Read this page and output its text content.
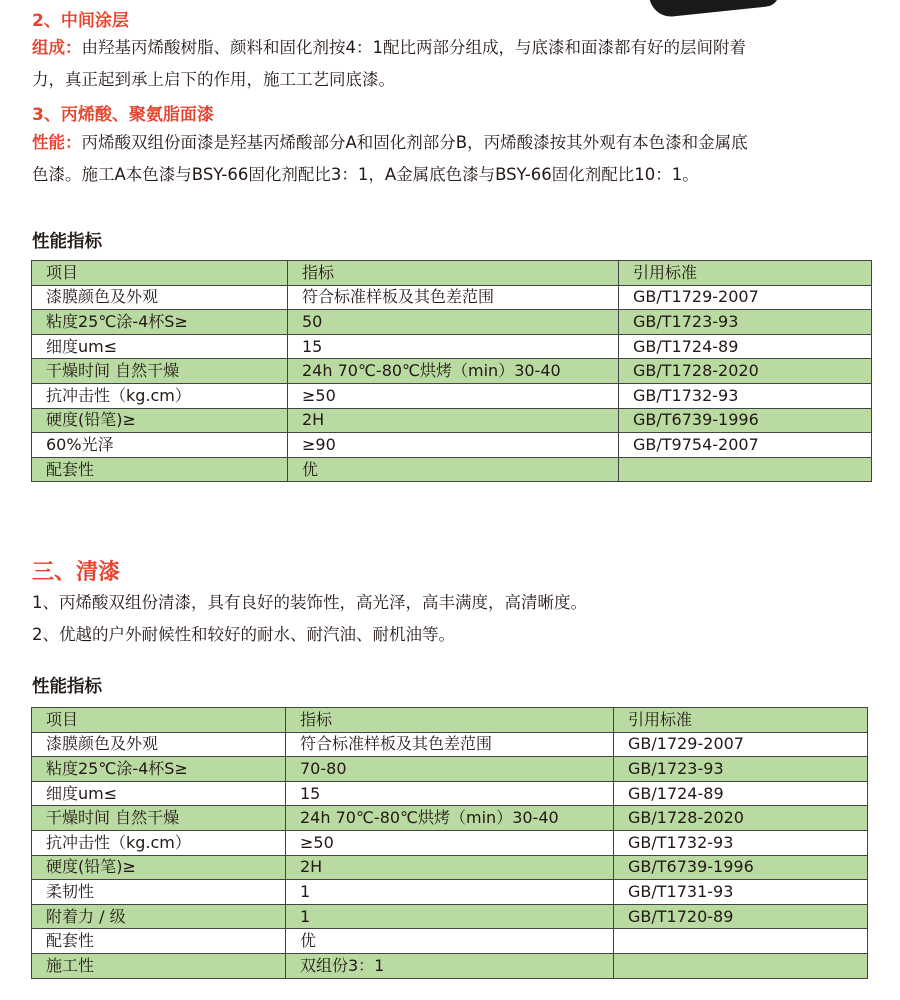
2、中间涂层
组成：由羟基丙烯酸树脂、颜料和固化剂按4：1配比两部分组成，与底漆和面漆都有好的层间附着
力，真正起到承上启下的作用，施工工艺同底漆。
3、丙烯酸、聚氨脂面漆
性能：丙烯酸双组份面漆是羟基丙烯酸部分A和固化剂部分B，丙烯酸漆按其外观有本色漆和金属底
色漆。施工A本色漆与BSY-66固化剂配比3：1，A金属底色漆与BSY-66固化剂配比10：1。
性能指标
项目	指标	引用标准
漆膜颜色及外观	符合标准样板及其色差范围	GB/T1729-2007
粘度25℃涂-4杯S≥	50	GB/T1723-93
细度um≤	15	GB/T1724-89
干燥时间 自然干燥	24h 70℃-80℃烘烤（min）30-40	GB/T1728-2020
抗冲击性（kg.cm）	≥50	GB/T1732-93
硬度(铅笔)≥	2H	GB/T6739-1996
60%光泽	≥90	GB/T9754-2007
配套性	优	
三、清漆
1、丙烯酸双组份清漆，具有良好的装饰性，高光泽，高丰满度，高清晰度。
2、优越的户外耐候性和较好的耐水、耐汽油、耐机油等。
性能指标
项目	指标	引用标准
漆膜颜色及外观	符合标准样板及其色差范围	GB/1729-2007
粘度25℃涂-4杯S≥	70-80	GB/1723-93
细度um≤	15	GB/1724-89
干燥时间 自然干燥	24h 70℃-80℃烘烤（min）30-40	GB/1728-2020
抗冲击性（kg.cm）	≥50	GB/T1732-93
硬度(铅笔)≥	2H	GB/T6739-1996
柔韧性	1	GB/T1731-93
附着力 / 级	1	GB/T1720-89
配套性	优	
施工性	双组份3：1	
